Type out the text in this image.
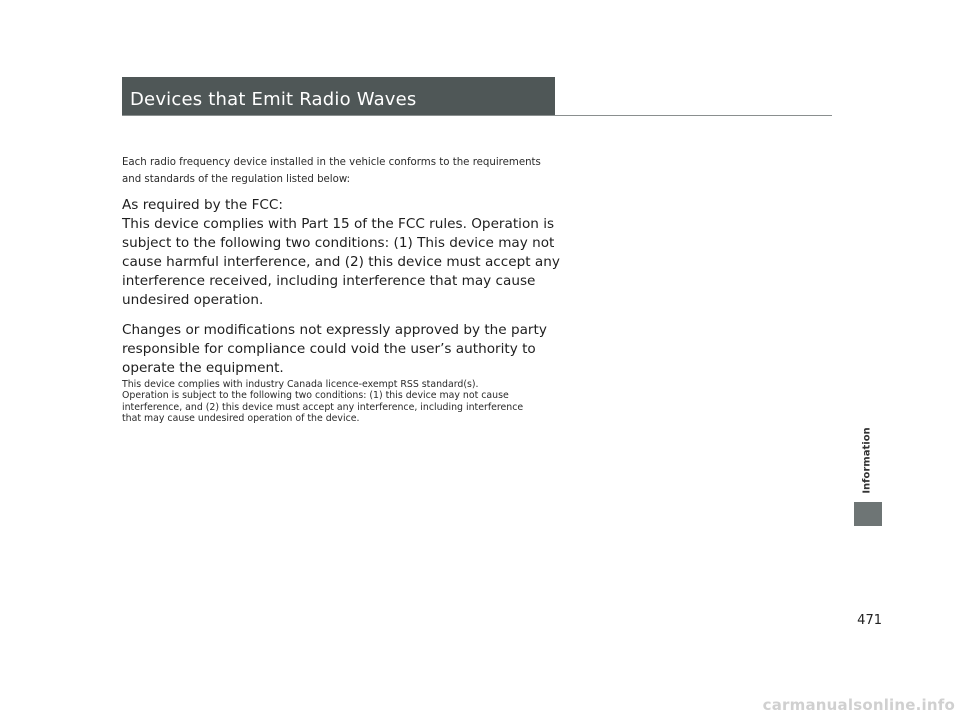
Devices that Emit Radio Waves
Each radio frequency device installed in the vehicle conforms to the requirements
and standards of the regulation listed below:
As required by the FCC:
This device complies with Part 15 of the FCC rules. Operation is
subject to the following two conditions: (1) This device may not
cause harmful interference, and (2) this device must accept any
interference received, including interference that may cause
undesired operation.
Changes or modifications not expressly approved by the party
responsible for compliance could void the user’s authority to
operate the equipment.
This device complies with industry Canada licence-exempt RSS standard(s).
Operation is subject to the following two conditions: (1) this device may not cause
interference, and (2) this device must accept any interference, including interference
that may cause undesired operation of the device.
Information
471
carmanualsonline.info
